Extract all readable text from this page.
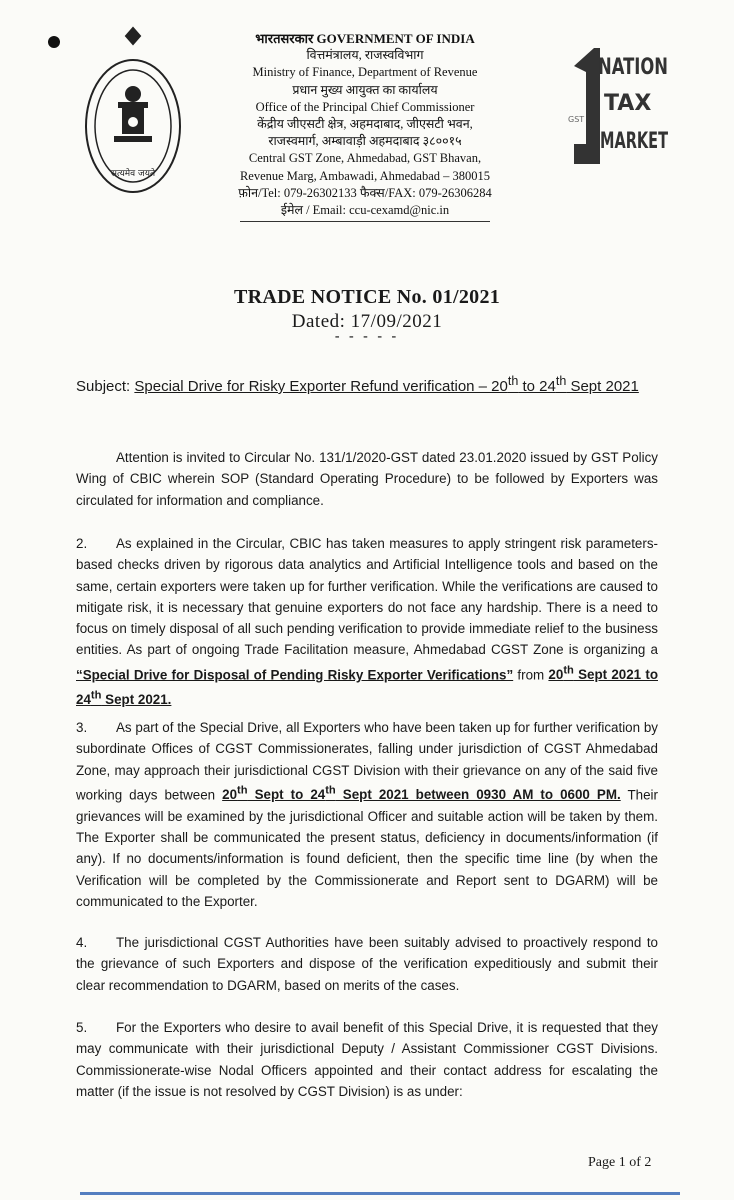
सत्यमेव जयते
भारतसरकार GOVERNMENT OF INDIA
वित्तमंत्रालय, राजस्वविभाग
Ministry of Finance, Department of Revenue
प्रधान मुख्य आयुक्त का कार्यालय
Office of the Principal Chief Commissioner
केंद्रीय जीएसटी क्षेत्र, अहमदाबाद, जीएसटी भवन,
राजस्वमार्ग, अम्बावाड़ी अहमदाबाद ३८००१५
Central GST Zone, Ahmedabad, GST Bhavan,
Revenue Marg, Ambawadi, Ahmedabad – 380015
फ़ोन/Tel: 079-26302133 फैक्स/FAX: 079-26306284
ईमेल / Email: ccu-cexamd@nic.in
GST
NATION
TAX
MARKET
TRADE NOTICE No. 01/2021
Dated: 17/09/2021
- - - - -
Subject: Special Drive for Risky Exporter Refund verification – 20th to 24th Sept 2021
Attention is invited to Circular No. 131/1/2020-GST dated 23.01.2020 issued by GST Policy Wing of CBIC wherein SOP (Standard Operating Procedure) to be followed by Exporters was circulated for information and compliance.
2. As explained in the Circular, CBIC has taken measures to apply stringent risk parameters-based checks driven by rigorous data analytics and Artificial Intelligence tools and based on the same, certain exporters were taken up for further verification. While the verifications are caused to mitigate risk, it is necessary that genuine exporters do not face any hardship. There is a need to focus on timely disposal of all such pending verification to provide immediate relief to the business entities. As part of ongoing Trade Facilitation measure, Ahmedabad CGST Zone is organizing a “Special Drive for Disposal of Pending Risky Exporter Verifications” from 20th Sept 2021 to 24th Sept 2021.
3. As part of the Special Drive, all Exporters who have been taken up for further verification by subordinate Offices of CGST Commissionerates, falling under jurisdiction of CGST Ahmedabad Zone, may approach their jurisdictional CGST Division with their grievance on any of the said five working days between 20th Sept to 24th Sept 2021 between 0930 AM to 0600 PM. Their grievances will be examined by the jurisdictional Officer and suitable action will be taken by them. The Exporter shall be communicated the present status, deficiency in documents/information (if any). If no documents/information is found deficient, then the specific time line (by when the Verification will be completed by the Commissionerate and Report sent to DGARM) will be communicated to the Exporter.
4. The jurisdictional CGST Authorities have been suitably advised to proactively respond to the grievance of such Exporters and dispose of the verification expeditiously and submit their clear recommendation to DGARM, based on merits of the cases.
5. For the Exporters who desire to avail benefit of this Special Drive, it is requested that they may communicate with their jurisdictional Deputy / Assistant Commissioner CGST Divisions. Commissionerate-wise Nodal Officers appointed and their contact address for escalating the matter (if the issue is not resolved by CGST Division) is as under:
Page 1 of 2
